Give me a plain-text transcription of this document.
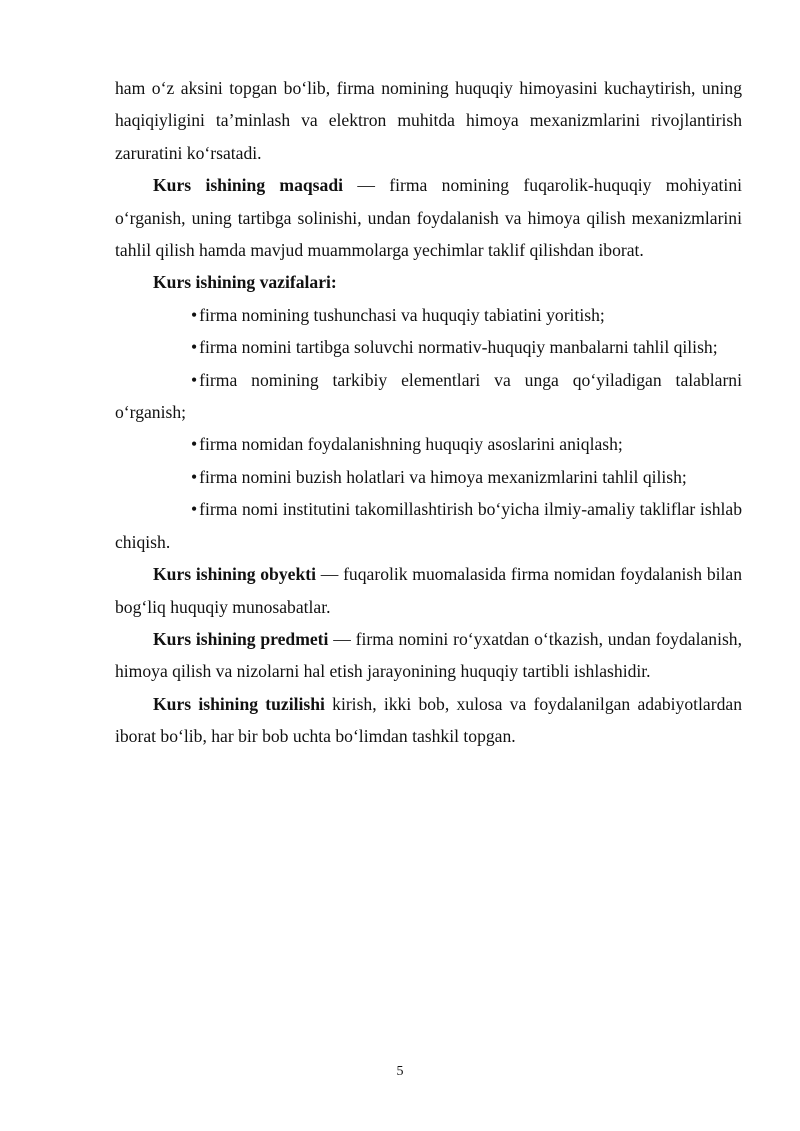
ham o‘z aksini topgan bo‘lib, firma nomining huquqiy himoyasini kuchaytirish, uning haqiqiyligini ta’minlash va elektron muhitda himoya mexanizmlarini rivojlantirish zaruratini ko‘rsatadi.

Kurs ishining maqsadi — firma nomining fuqarolik-huquqiy mohiyatini o‘rganish, uning tartibga solinishi, undan foydalanish va himoya qilish mexanizmlarini tahlil qilish hamda mavjud muammolarga yechimlar taklif qilishdan iborat.

Kurs ishining vazifalari:

• firma nomining tushunchasi va huquqiy tabiatini yoritish;

• firma nomini tartibga soluvchi normativ-huquqiy manbalarni tahlil qilish;

• firma nomining tarkibiy elementlari va unga qo‘yiladigan talablarni o‘rganish;

• firma nomidan foydalanishning huquqiy asoslarini aniqlash;

• firma nomini buzish holatlari va himoya mexanizmlarini tahlil qilish;

• firma nomi institutini takomillashtirish bo‘yicha ilmiy-amaliy takliflar ishlab chiqish.

Kurs ishining obyekti — fuqarolik muomalasida firma nomidan foydalanish bilan bog‘liq huquqiy munosabatlar.

Kurs ishining predmeti — firma nomini ro‘yxatdan o‘tkazish, undan foydalanish, himoya qilish va nizolarni hal etish jarayonining huquqiy tartibli ishlashidir.

Kurs ishining tuzilishi kirish, ikki bob, xulosa va foydalanilgan adabiyotlardan iborat bo‘lib, har bir bob uchta bo‘limdan tashkil topgan.

5
